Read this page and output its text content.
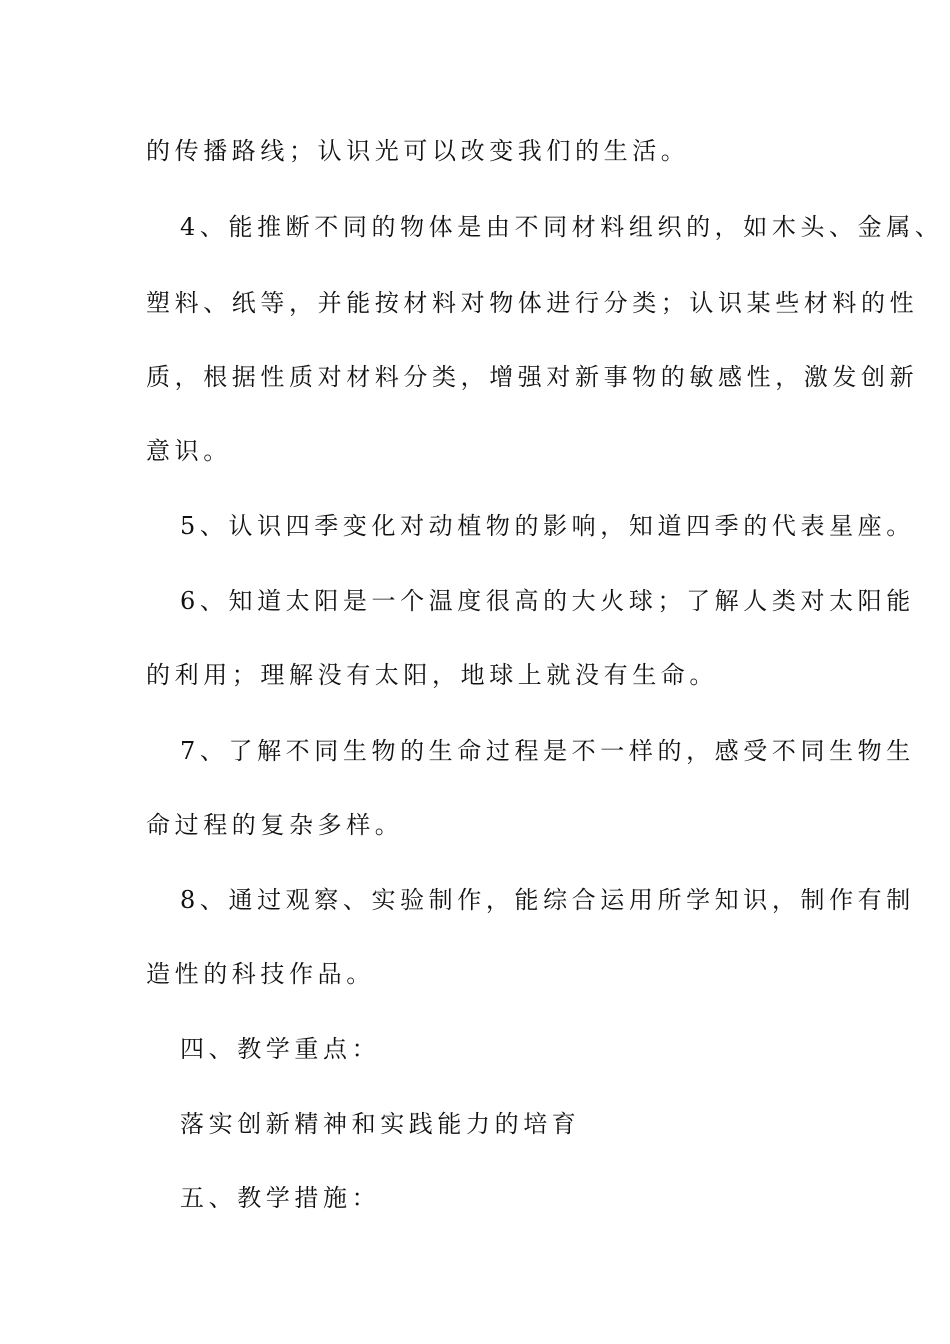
的传播路线；认识光可以改变我们的生活。
4、能推断不同的物体是由不同材料组织的，如木头、金属、
塑料、纸等，并能按材料对物体进行分类；认识某些材料的性
质，根据性质对材料分类，增强对新事物的敏感性，激发创新
意识。
5、认识四季变化对动植物的影响，知道四季的代表星座。
6、知道太阳是一个温度很高的大火球；了解人类对太阳能
的利用；理解没有太阳，地球上就没有生命。
7、了解不同生物的生命过程是不一样的，感受不同生物生
命过程的复杂多样。
8、通过观察、实验制作，能综合运用所学知识，制作有制
造性的科技作品。
四、教学重点：
落实创新精神和实践能力的培育
五、教学措施：
